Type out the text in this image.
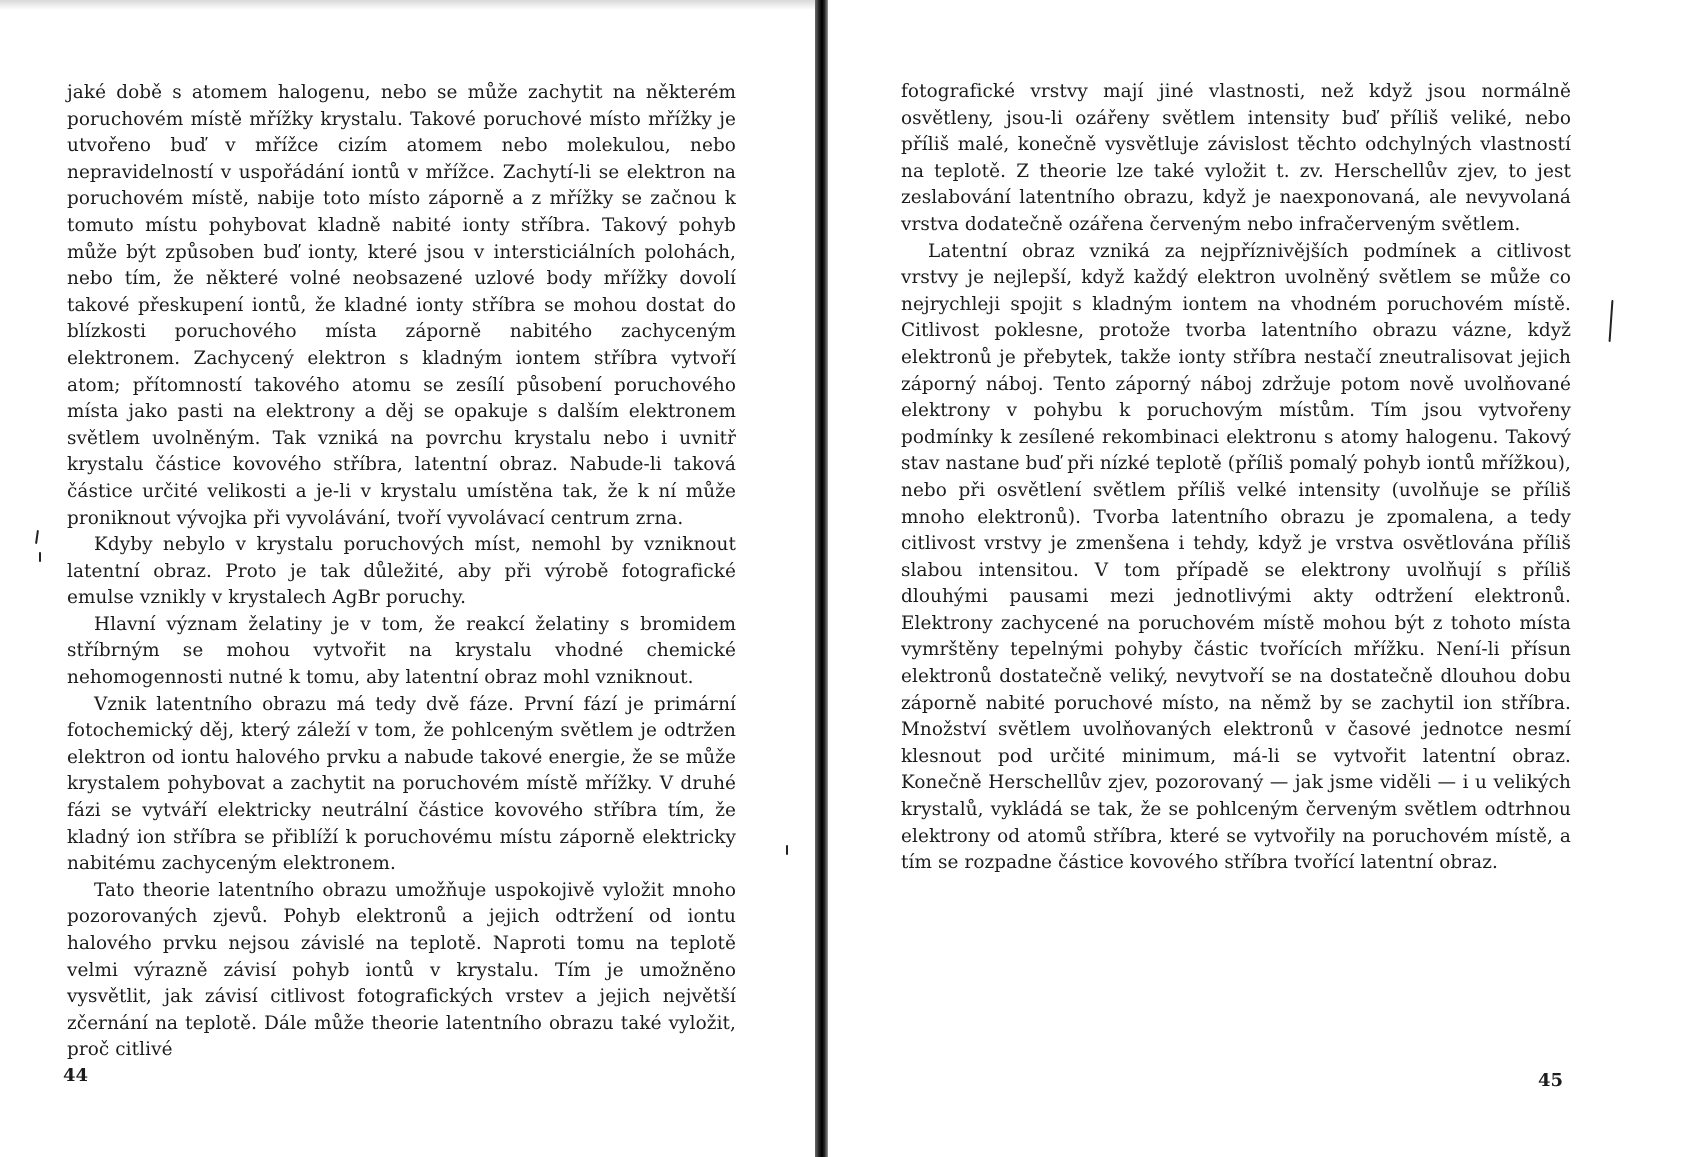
jaké době s atomem halogenu, nebo se může zachytit na některém poruchovém místě mřížky krystalu. Takové poruchové místo mřížky je utvořeno buď v mřížce cizím atomem nebo molekulou, nebo nepravidelností v uspořádání iontů v mřížce. Zachytí-li se elektron na poruchovém místě, nabije toto místo záporně a z mřížky se začnou k tomuto místu pohybovat kladně nabité ionty stříbra. Takový pohyb může být způsoben buď ionty, které jsou v intersticiálních polohách, nebo tím, že některé volné neobsazené uzlové body mřížky dovolí takové přeskupení iontů, že kladné ionty stříbra se mohou dostat do blízkosti poruchového místa záporně nabitého zachyceným elektronem. Zachycený elektron s kladným iontem stříbra vytvoří atom; přítomností takového atomu se zesílí působení poruchového místa jako pasti na elektrony a děj se opakuje s dalším elektronem světlem uvolněným. Tak vzniká na povrchu krystalu nebo i uvnitř krystalu částice kovového stříbra, latentní obraz. Nabude-li taková částice určité velikosti a je-li v krystalu umístěna tak, že k ní může proniknout vývojka při vyvolávání, tvoří vyvolávací centrum zrna.

Kdyby nebylo v krystalu poruchových míst, nemohl by vzniknout latentní obraz. Proto je tak důležité, aby při výrobě fotografické emulse vznikly v krystalech AgBr poruchy.

Hlavní význam želatiny je v tom, že reakcí želatiny s bromidem stříbrným se mohou vytvořit na krystalu vhodné chemické nehomogennosti nutné k tomu, aby latentní obraz mohl vzniknout.

Vznik latentního obrazu má tedy dvě fáze. První fází je primární fotochemický děj, který záleží v tom, že pohlceným světlem je odtržen elektron od iontu halového prvku a nabude takové energie, že se může krystalem pohybovat a zachytit na poruchovém místě mřížky. V druhé fázi se vytváří elektricky neutrální částice kovového stříbra tím, že kladný ion stříbra se přiblíží k poruchovému místu záporně elektricky nabitému zachyceným elektronem.

Tato theorie latentního obrazu umožňuje uspokojivě vyložit mnoho pozorovaných zjevů. Pohyb elektronů a jejich odtržení od iontu halového prvku nejsou závislé na teplotě. Naproti tomu na teplotě velmi výrazně závisí pohyb iontů v krystalu. Tím je umožněno vysvětlit, jak závisí citlivost fotografických vrstev a jejich největší zčernání na teplotě. Dále může theorie latentního obrazu také vyložit, proč citlivé

44

fotografické vrstvy mají jiné vlastnosti, než když jsou normálně osvětleny, jsou-li ozářeny světlem intensity buď příliš veliké, nebo příliš malé, konečně vysvětluje závislost těchto odchylných vlastností na teplotě. Z theorie lze také vyložit t. zv. Herschellův zjev, to jest zeslabování latentního obrazu, když je naexponovaná, ale nevyvolaná vrstva dodatečně ozářena červeným nebo infračerveným světlem.

Latentní obraz vzniká za nejpříznivějších podmínek a citlivost vrstvy je nejlepší, když každý elektron uvolněný světlem se může co nejrychleji spojit s kladným iontem na vhodném poruchovém místě. Citlivost poklesne, protože tvorba latentního obrazu vázne, když elektronů je přebytek, takže ionty stříbra nestačí zneutralisovat jejich záporný náboj. Tento záporný náboj zdržuje potom nově uvolňované elektrony v pohybu k poruchovým místům. Tím jsou vytvořeny podmínky k zesílené rekombinaci elektronu s atomy halogenu. Takový stav nastane buď při nízké teplotě (příliš pomalý pohyb iontů mřížkou), nebo při osvětlení světlem příliš velké intensity (uvolňuje se příliš mnoho elektronů). Tvorba latentního obrazu je zpomalena, a tedy citlivost vrstvy je zmenšena i tehdy, když je vrstva osvětlována příliš slabou intensitou. V tom případě se elektrony uvolňují s příliš dlouhými pausami mezi jednotlivými akty odtržení elektronů. Elektrony zachycené na poruchovém místě mohou být z tohoto místa vymrštěny tepelnými pohyby částic tvořících mřížku. Není-li přísun elektronů dostatečně veliký, nevytvoří se na dostatečně dlouhou dobu záporně nabité poruchové místo, na němž by se zachytil ion stříbra. Množství světlem uvolňovaných elektronů v časové jednotce nesmí klesnout pod určité minimum, má-li se vytvořit latentní obraz. Konečně Herschellův zjev, pozorovaný — jak jsme viděli — i u velikých krystalů, vykládá se tak, že se pohlceným červeným světlem odtrhnou elektrony od atomů stříbra, které se vytvořily na poruchovém místě, a tím se rozpadne částice kovového stříbra tvořící latentní obraz.

45
